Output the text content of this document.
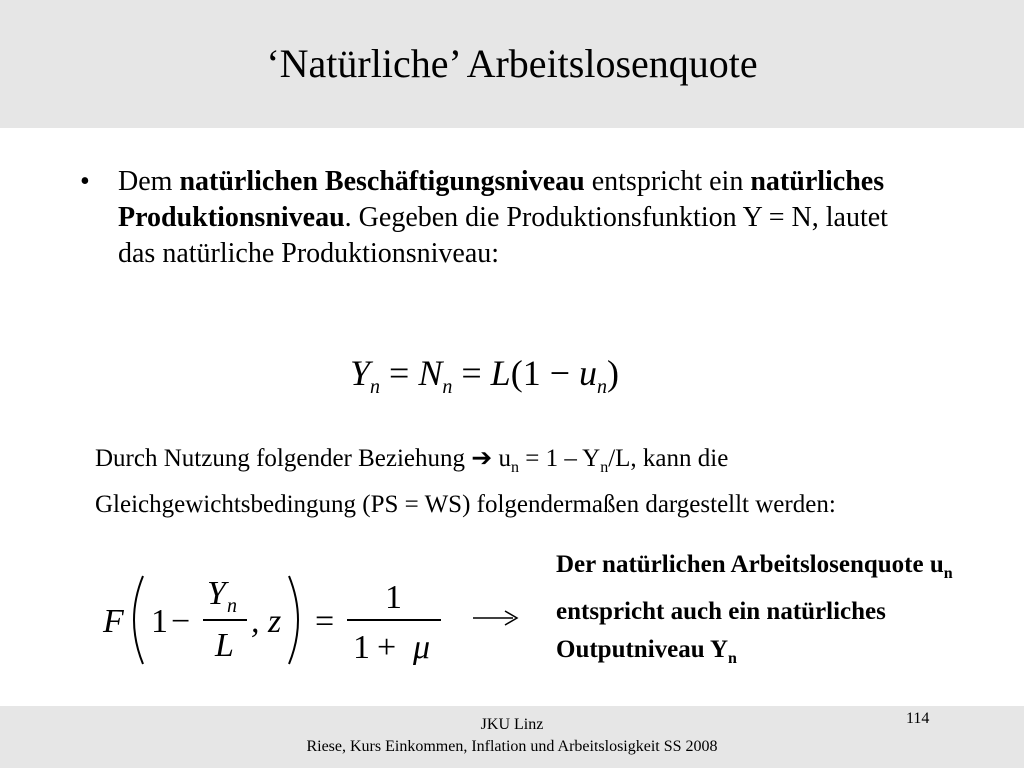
‘Natürliche’ Arbeitslosenquote
• Dem natürlichen Beschäftigungsniveau entspricht ein natürliches Produktionsniveau. Gegeben die Produktionsfunktion Y = N, lautet das natürliche Produktionsniveau:
$Y_n = N_n = L(1 - u_n)$
Durch Nutzung folgender Beziehung ➔ $u_n = 1 - Y_n/L$, kann die Gleichgewichtsbedingung (PS = WS) folgendermaßen dargestellt werden:
F 1 −
Y n
L
, z =
1
1 + μ
Der natürlichen Arbeitslosenquote $u_n$ entspricht auch ein natürliches Outputniveau $Y_n$
JKU Linz
Riese, Kurs Einkommen, Inflation und Arbeitslosigkeit SS 2008
114
